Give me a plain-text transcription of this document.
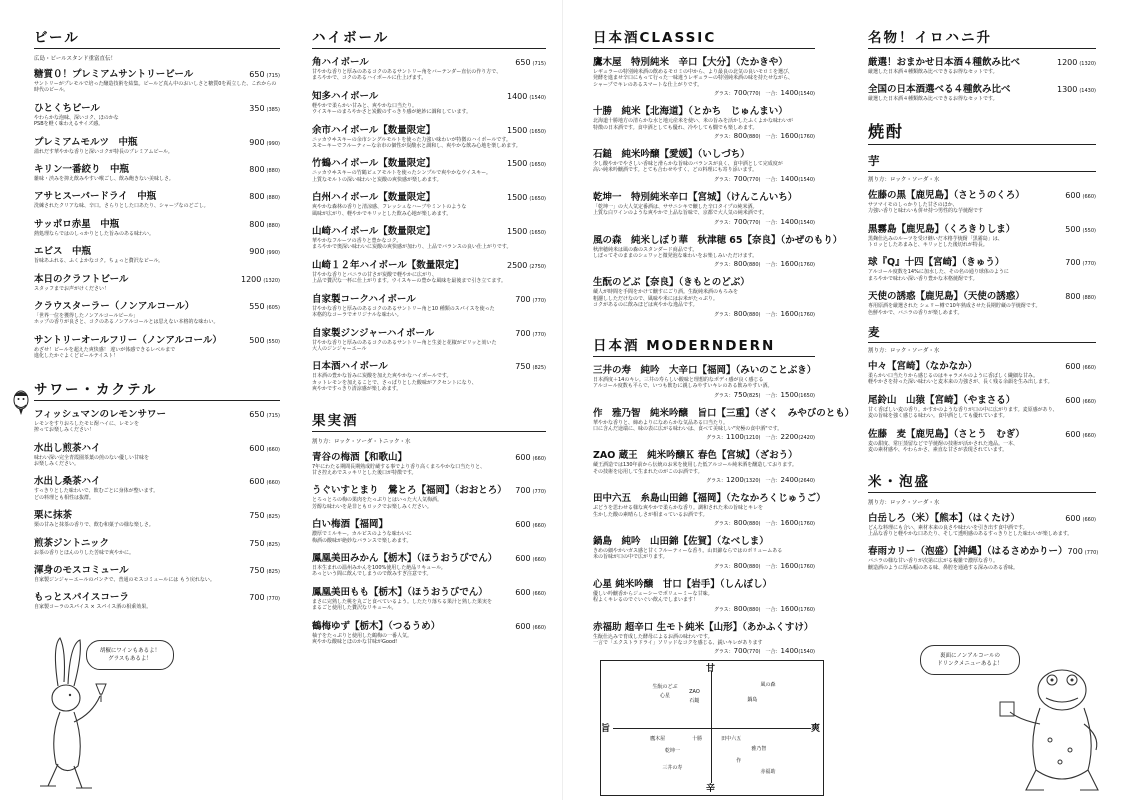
ビール
広島・ビールスタンド重富直伝！
糖質０！プレミアムサントリービール	650 (715)
サントリーがプレモルで培った醸造技術を結集。ビールど真ん中のおいしさと糖質0を両立した、これからの時代のビール。
ひとくちビール	350 (385)
やわらかな泡味、深いコク、ほのかな
PSBを軽く味わえるサイズ感。
プレミアムモルツ　中瓶	900 (990)
溢れだす華やかな香りと深いコクが特長のプレミアムビール。
キリン一番絞り　中瓶	800 (880)
雑味・渋みを抑え飲みやすい喉ごし、飲み飽きない美味しさ。
アサヒスーパードライ　中瓶	800 (880)
洗練されたクリアな味、辛口。さらりとした口あたり、シャープなのどごし。
サッポロ赤星　中瓶	800 (880)
熱処理ならではのしっかりとした旨みのある味わい。
エビス　中瓶	900 (990)
旨味あふれる、ふくよかなコク。ちょっと贅沢なビール。
本日のクラフトビール	1200 (1320)
スタッフまでお声がけください！
クラウスターラー（ノンアルコール）	550 (605)
「世界一位を獲得したノンアルコールビール」
ホップの香りが良さと、コクのあるノンアルコールとは思えない本格的な味わい。
サントリーオールフリー（ノンアルコール）	500 (550)
めざせ！ビールを超えた爽快感！ 違いが体感できるレベルまで
進化したかぐよくどビールテイスト！
サワー・カクテル
フィッシュマンのレモンサワー	650 (715)
レモンをすりおろしたモヒ酎ハイに、レモンを
搾ってお楽しみください！
水出し煎茶ハイ	600 (660)
味わい深い完全青霞園茶葉の煎のない優しい甘味を
お楽しみください。
水出し桑茶ハイ	600 (660)
すっきりとした味わいで、飲むごとに身体が整います。
どの料理とも相性は抜群。
栗に抹茶	750 (825)
栗の甘みと抹茶の香りで、飲む和菓子の様な楽しさ。
煎茶ジントニック	750 (825)
お茶の香りとほんのりした苦味で爽やかに。
渾身のモスコミュール	750 (825)
自家製ジンジャーエールのパンチで、普通のモスコミュールには もう戻れない。
もっとスパイスコーラ	700 (770)
自家製コーラのスパイス × スパイス酒の相乗効果。
胡椒にワインもあるよ！
グラスもあるよ！
ハイボール
角ハイボール	650 (715)
甘やかな香りと厚みのあるコクのあるサントリー角をバーテンダー直伝の作り方で、
まろやかで、コクのあるハイボールに仕上げます。
知多ハイボール	1400 (1540)
軽やかで柔らかい甘みと、爽やかな口当たり。
ウイスキーのまろやかさと炭酸のすっきり感が絶妙に調和しています。
余市ハイボール【数量限定】	1500 (1650)
ニッカウヰスキーの余市シングルモルトを使った力強い味わいが特徴のハイボールです。
スモーキーでフルーティーな余市の個性が炭酸水と調和し、爽やかな飲み心地を楽しめます。
竹鶴ハイボール【数量限定】	1500 (1650)
ニッカウヰスキーの竹鶴ピュアモルトを使ったシンプルで爽やかなウイスキー。
上質なモルトの深い味わいと炭酸の爽快感が楽しめます。
白州ハイボール【数量限定】	1500 (1650)
爽やかな森林の香りと清涼感、フレッシュなハーブやミントのような
風味が広がり、軽やかでキリッとした飲み心地が楽しめます。
山崎ハイボール【数量限定】	1500 (1650)
華やかなフルーツの香りと豊かなコク。
まろやかで奥深い味わいに炭酸の爽快感が加わり、上品でバランスの良い仕上がりです。
山崎１２年ハイボール【数量限定】	2500 (2750)
甘やかな香りとバニラの甘さが炭酸で軽やかに広がり、
上品で贅沢な一杯に仕上がります。ウイスキーの豊かな風味を最後まで引き立てます。
自家製コークハイボール	700 (770)
甘やかな香りと厚みのあるコクのあるサントリー角と10 種類のスパイスを使った
本格的なコーラでオリジナルな味わい。
自家製ジンジャーハイボール	700 (770)
甘やかな香りと厚みのあるコクのあるサントリー角と生姜と花椒がピリッと効いた
大人のジンジャーエール
日本酒ハイボール	750 (825)
日本酒の豊かな旨みに炭酸を加えた爽やかなハイボールです。
カットレモンを加えることで、さっぱりとした酸味がアクセントになり、
爽やかですっきり清涼感が楽しめます。
果実酒
割り方：ロック・ソーダ・トニック・水
青谷の梅酒【和歌山】	600 (660)
7年にわたる期間長期熟成貯蔵する事でより香り高くまろやかな口当たりと、
甘さ控えめでスッキリとした後口が特徴です。
うぐいすとまり　鶯とろ【福岡】（おおとろ） 700 (770)
とろっとろの梅の果肉をたっぷりとはいった大人気梅酒。
芳醇な味わいを是非ともロックでお楽しみください。
白い梅酒【福岡】	600 (660)
濃厚でミルキー。カルピスのような味わいに
梅酒の酸味が絶妙なバランスで楽しめます。
鳳凰美田みかん【栃木】（ほうおうびでん） 600 (660)
日本生まれの温州みかんを100%使用した絶品リキュール。
あっという間に飲んでしまうので飲みすぎ注意です。
鳳凰美田もも【栃木】（ほうおうびでん）	600 (660)
まさに完熟した桃を丸ごと食べているよう。したたり落ちる果汁と熟した果実を
まるごと使用した贅沢なリキュール。
鶴梅ゆず【栃木】（つるうめ）	600 (660)
柚子をたっぷりと使用した鶴梅の一番人気。
爽やかな酸味とほのかな甘味がGood!
日本酒CLASSIC
鷹木屋　特別純米　辛口【大分】（たかきや）
レギュラーの特別純米酒の飲めるモロミの中から、より最良の北気の良いモロミを選び、
発酵を進ませ辛口にもって行った一味違うレギュラーの特別純米酒の味を持たせながら、
シャープでキレのあるスマートな仕上がりです。
グラス：700(770)　 一合：1400(1540)
十勝　純米【北海道】（とかち　じゅんまい）
北海道十勝地方の清らかな水と地元産米を使い、米の旨みを活かしたふくよかな味わいが
特徴の日本酒です。食中酒としても優れ、冷やしても燗でも楽しめます。
グラス：800(880)　 一合：1600(1760)
石鎚　純米吟醸【愛媛】（いしづち）
少し酸やかでやさしい香味と滑らかな旨味のバランスが良く、食中酒として完成度が
高い純米吟醸酒です。とても合わせやすく、どの料理にも寄り添います。
グラス：700(770)　 一合：1400(1540)
乾坤一　特別純米辛口【宮城】（けんこんいち）
「乾坤一」の大人気定番酒は、ササニシキで醸した辛口タイプの純米酒。
上質な白ワインのような爽やかで上品な旨味で、京都で大人気の純米酒です。
グラス：700(770)　 一合：1400(1540)
風の森　純米しぼり華　秋津穂 65【奈良】（かぜのもり）
秋津穂純米は風の森のスタンダード商品です。
しぼってそのままのシュワッと微発泡な味わいをお楽しみいただけます。
グラス：800(880)　 一合：1600(1760)
生酛のどぶ【奈良】（きもとのどぶ）
蔵人が時間を手間をかけて醸すにごり酒。生酛純米酒のもろみを
粗濾ししただけなので、風味や米にはお米がたっぷり。
コクがあるのに飲みほどは爽やかな逸品です。
グラス：800(880)　 一合：1600(1760)
日本酒 MODERNDERN
三井の寿　純吟　大辛口【福岡】（みいのことぶき）
日本酒度＋14のキレ。三井の寿らしい酸味と理想的なボディ感が良く感じる
アルコール度数も平らで、いつも飲むに親しみやすいキレのある飲みやすい酒。
グラス：750(825)　 一合：1500(1650)
作　雅乃智　純米吟醸　旨口【三重】（ざく　みやびのとも）
華やかな香りと、締めよりになめらかな気品ある口当たり。
口に含んだ途端に、味の表に広がる味わいは、食べて美味しい"究極の食中酒"です。
グラス：1100(1210)　 一合：2200(2420)
ZAO 蔵王　純米吟醸Ｋ 春色【宮城】（ざおう）
蔵王酒造では130年前から伝統のお米を使用した低アルコール純米酒を醸造しております。
その技術を応用して生まれたのがこのお酒です。
グラス：1200(1320)　 一合：2400(2640)
田中六五　糸島山田錦【福岡】（たなかろくじゅうご）
ぶどうを思わせる様な爽やかで柔らかな香り。調和された米の旨味とキレを
生かした酸の素晴らしさが相まっているお酒です。
グラス：800(880)　 一合：1600(1760)
鍋島　純吟　山田錦【佐賀】（なべしま）
きめの細やかいガス感と甘くフルーティーな香り。山田錦ならではのボリュームある
米の旨味が口の中で広がります。
グラス：800(880)　 一合：1600(1760)
心星 純米吟醸　甘口【岩手】（しんぼし）
優しい吟醸香からジューシーでボリューミーな甘味。
程よくキレるのでぐいぐい飲んでしまいます！
グラス：800(880)　 一合：1600(1760)
赤福助 超辛口 生モト純米【山形】（あかふくすけ）
生酛仕込みで育成した酵母によるお酒の味わいです。
一言で「エクストラドライ」ソリッドなコクを感じる、鋭いキレがあります
グラス：700(770)　 一合：1400(1540)
名物！イロハニ升
厳選！おまかせ日本酒４種飲み比べ	1200 (1320)
厳選した日本酒４種類飲み比べできるお得なセットです。
全国の日本酒選べる４種飲み比べ	1300 (1430)
厳選した日本酒４種類飲み比べできるお得なセットです。
焼酎
芋
割り方：ロック・ソーダ・水
佐藤の黒【鹿児島】（さとうのくろ）	600 (660)
サツマイモのしっかりした甘さのほか、
力強い香りと味わいも併せ持つ男性的な芋焼酎です
黒霧島【鹿児島】（くろきりしま）	500 (550)
黒麹仕込みのルーツを受け継いだ本格芋焼酎「黒霧島」は、
トロッとしたあまみと、キリッとした後切れが特長。
球『Q』十四【宮崎】（きゅう）	700 (770)
アルコール度数を14%に加水した、その名の通り球体のように
まろやかで味わい深い香り豊かな本格焼酎です。
天使の誘惑【鹿児島】（天使の誘惑）	800 (880)
専用原酒を厳選された シェリー樽で10年熟成させた長期貯蔵の芋焼酎です。
色鮮やかで、バニラの香りが楽しめます。
麦
割り方：ロック・ソーダ・水
中々【宮崎】（なかなか）	600 (660)
柔らかい口当たりから感じるのはキャラメルのように香ばしく繊細な甘み。
軽やかさを持った深い味わいと麦本来の力強さが、長く残る余韻を生み出します。
尾鈴山　山猿【宮崎】（やまさる）	600 (660)
甘く香ばしい麦の香り。かすかのような香りが口の中に広がります。麦原感があり、
麦の旨味を強く感じる味わい。食中酒としても優れています。
佐藤　麦【鹿児島】（さとう　むぎ）	600 (660)
麦の甜度、常圧蒸留などで芋焼酎の技術が活かされた逸品。一本、
麦の素材感や、やわらかさ、素直な甘さが表現されています。
米・泡盛
割り方：ロック・ソーダ・水
白岳しろ（米）【熊本】（はくたけ）	600 (660)
どんな料理にも合い、素材本来の良さや味わいを引き出す食中酒です。
上品な香りと軽やかな口あたり、そして透明感のあるすっきりとした味わいが楽しめます。
春雨カリー（泡盛）【沖縄】（はるさめかりー） 700 (770)
バニラの様な甘い香りが次第に広がる複雑で濃厚な香り。
醸造酒のように厚み幅のある味、鼻腔を通過する深みのある香味。
甘
辛
旨	爽
生酛のどぶ
心星
ZAO
石鎚
風の森
鍋島
鷹木屋	十勝	田中六五
乾坤一
三井の寿
雅乃智
作
赤福助
裏面にノンアルコールの
ドリンクメニューあるよ！
